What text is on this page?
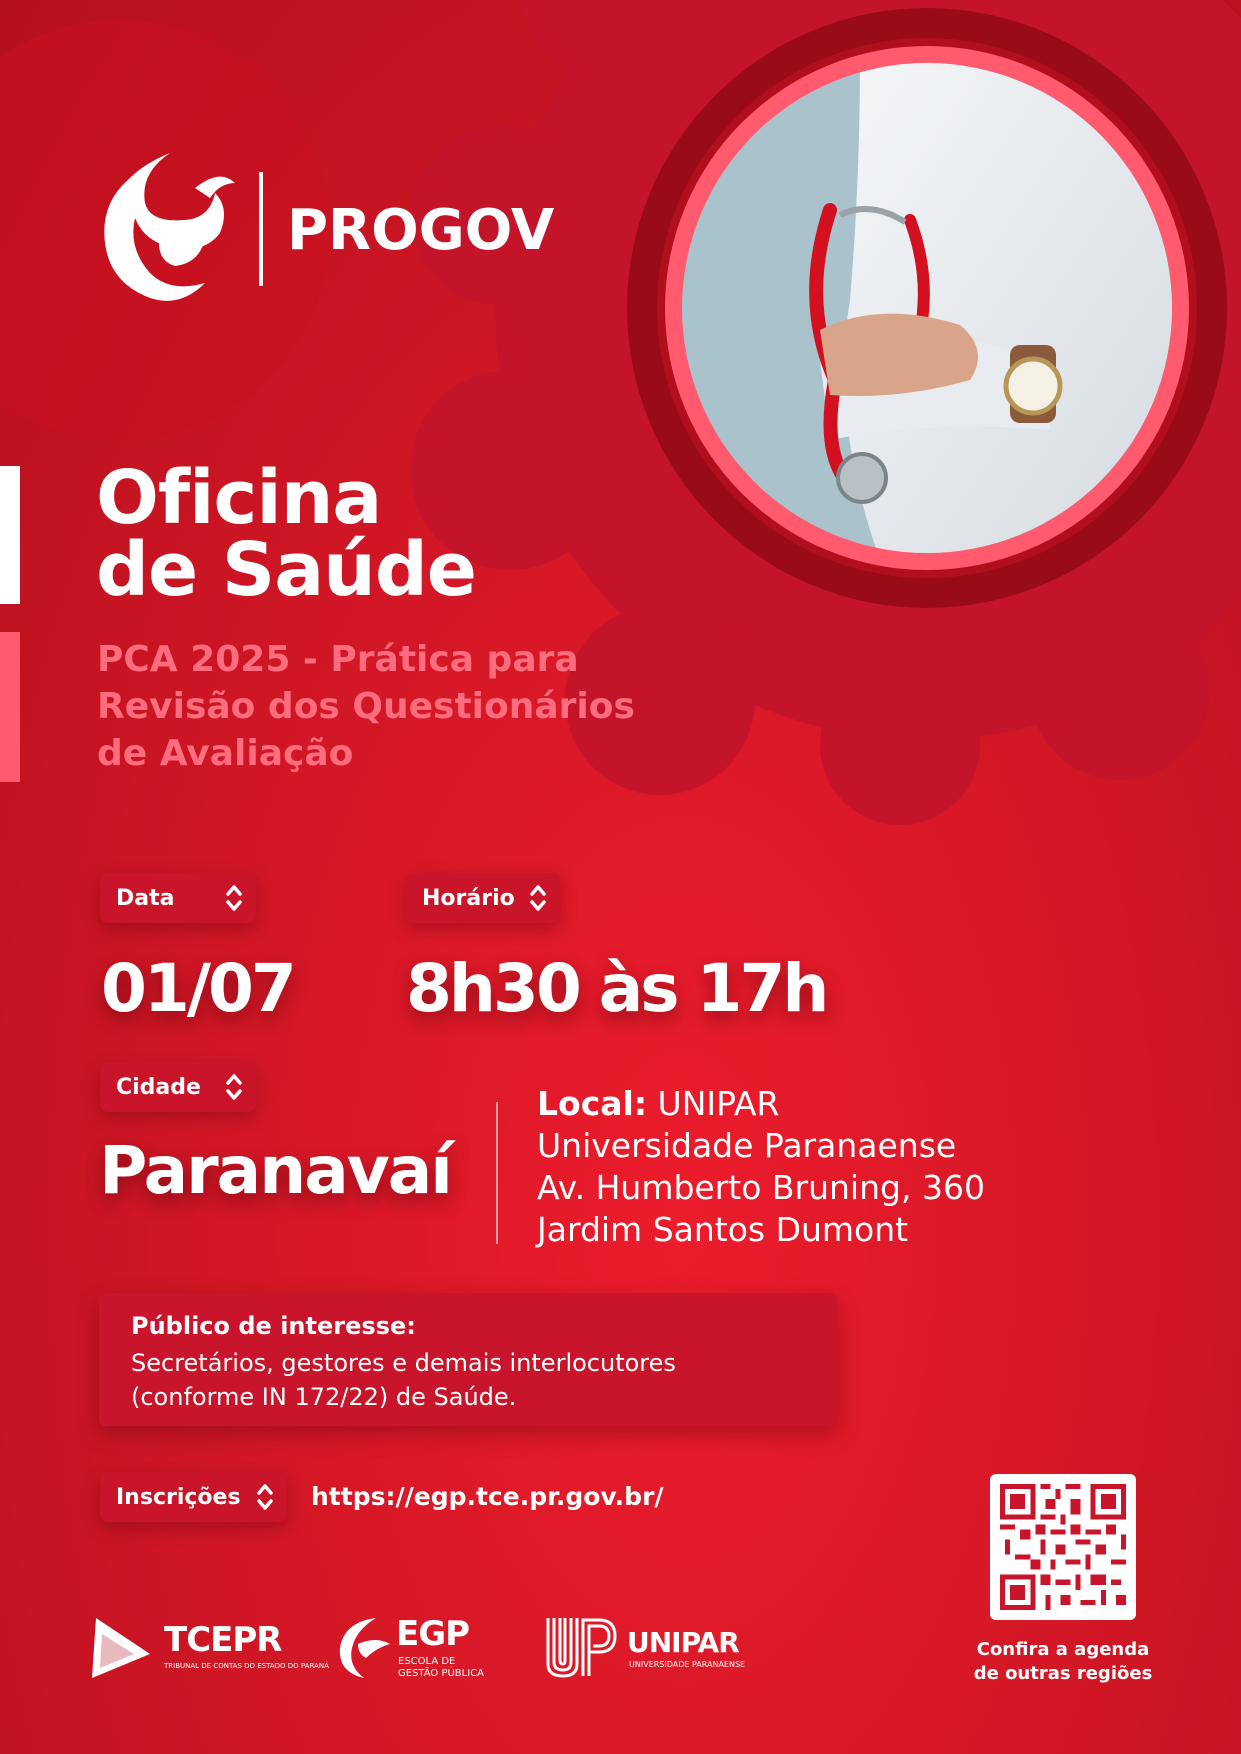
PROGOV
Oficina
de Saúde
PCA 2025 - Prática para
Revisão dos Questionários
de Avaliação
Data	Horário
01/07 8h30 às 17h
Cidade
Paranavaí
Local: UNIPAR
Universidade Paranaense
Av. Humberto Bruning, 360
Jardim Santos Dumont
Público de interesse:
Secretários, gestores e demais interlocutores
(conforme IN 172/22) de Saúde.
Inscrições	https://egp.tce.pr.gov.br/
Confira a agenda
de outras regiões
TCEPR
TRIBUNAL DE CONTAS DO ESTADO DO PARANÁ
EGP
ESCOLA DE
GESTÃO PÚBLICA
UNIPAR
UNIVERSIDADE PARANAENSE
